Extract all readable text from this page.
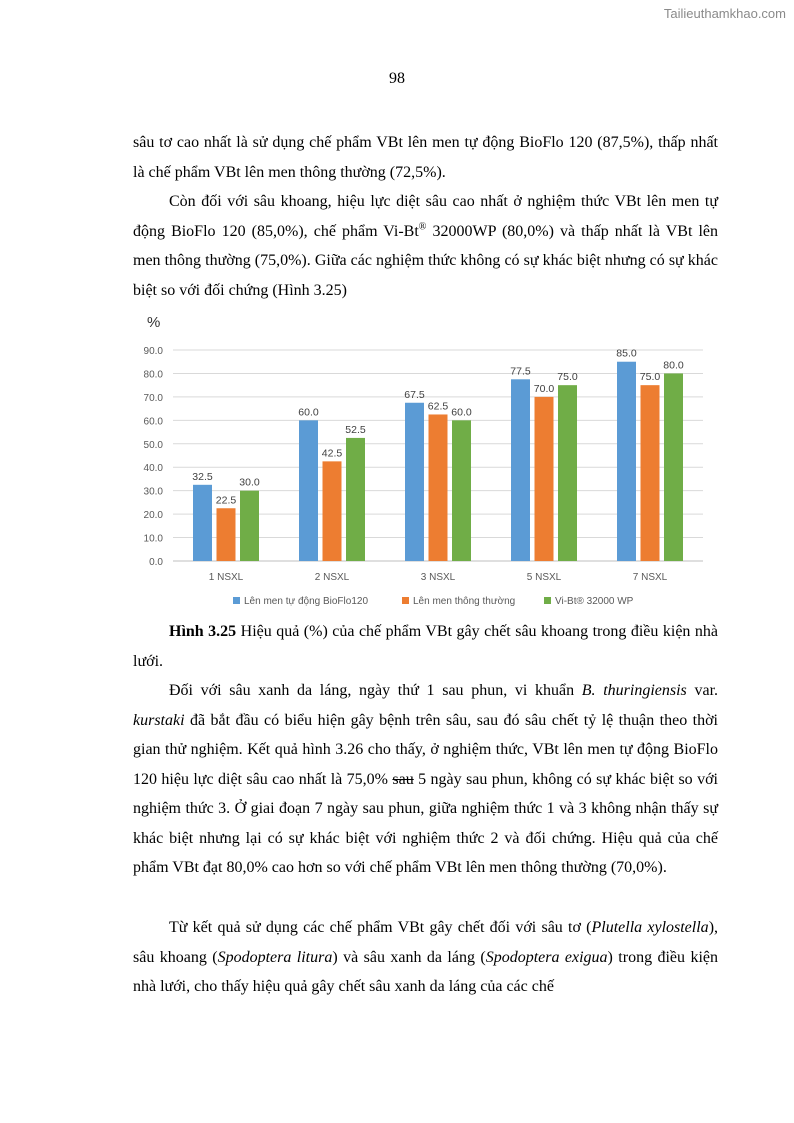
Tailieuthamkhao.com
98

sâu tơ cao nhất là sử dụng chế phẩm VBt lên men tự động BioFlo 120 (87,5%), thấp nhất là chế phẩm VBt lên men thông thường (72,5%).

Còn đối với sâu khoang, hiệu lực diệt sâu cao nhất ở nghiệm thức VBt lên men tự động BioFlo 120 (85,0%), chế phẩm Vi-Bt® 32000WP (80,0%) và thấp nhất là VBt lên men thông thường (75,0%). Giữa các nghiệm thức không có sự khác biệt nhưng có sự khác biệt so với đối chứng (Hình 3.25)

%
0.0
10.0
20.0
30.0
40.0
50.0
60.0
70.0
80.0
90.0
32.5
22.5
30.0
60.0
42.5
52.5
67.5
62.5 60.0
77.5
70.0
75.0
85.0
75.0
80.0
1 NSXL	2 NSXL	3 NSXL	5 NSXL	7 NSXL
Lên men tự động BioFlo120	Lên men thông thường	Vi-Bt® 32000 WP

Hình 3.25 Hiệu quả (%) của chế phẩm VBt gây chết sâu khoang trong điều kiện nhà lưới.

Đối với sâu xanh da láng, ngày thứ 1 sau phun, vi khuẩn B. thuringiensis var. kurstaki đã bắt đầu có biểu hiện gây bệnh trên sâu, sau đó sâu chết tỷ lệ thuận theo thời gian thử nghiệm. Kết quả hình 3.26 cho thấy, ở nghiệm thức, VBt lên men tự động BioFlo 120 hiệu lực diệt sâu cao nhất là 75,0% sau 5 ngày sau phun, không có sự khác biệt so với nghiệm thức 3. Ở giai đoạn 7 ngày sau phun, giữa nghiệm thức 1 và 3 không nhận thấy sự khác biệt nhưng lại có sự khác biệt với nghiệm thức 2 và đối chứng. Hiệu quả của chế phẩm VBt đạt 80,0% cao hơn so với chế phẩm VBt lên men thông thường (70,0%).

Từ kết quả sử dụng các chế phẩm VBt gây chết đối với sâu tơ (Plutella xylostella), sâu khoang (Spodoptera litura) và sâu xanh da láng (Spodoptera exigua) trong điều kiện nhà lưới, cho thấy hiệu quả gây chết sâu xanh da láng của các chế
